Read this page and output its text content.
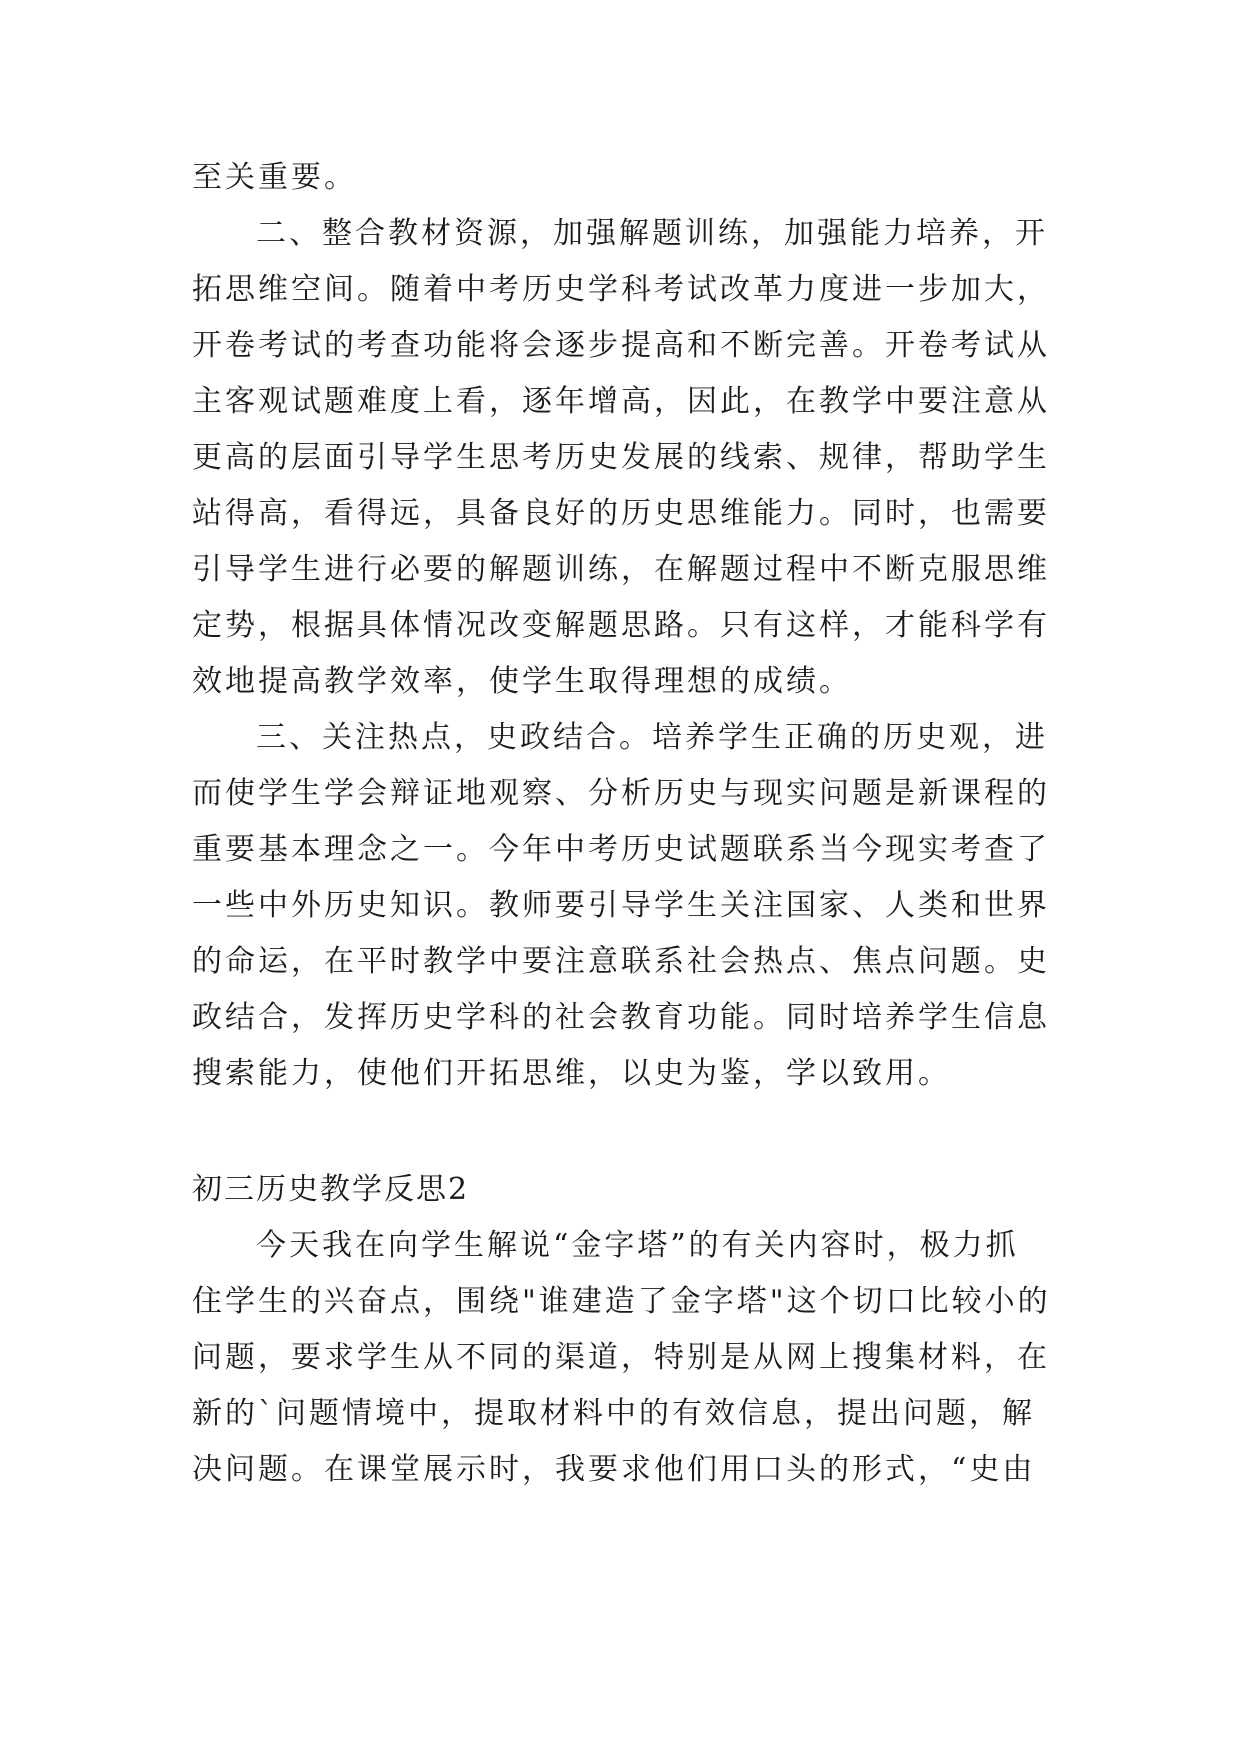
至关重要。
二、整合教材资源，加强解题训练，加强能力培养，开
拓思维空间。随着中考历史学科考试改革力度进一步加大，
开卷考试的考查功能将会逐步提高和不断完善。开卷考试从
主客观试题难度上看，逐年增高，因此，在教学中要注意从
更高的层面引导学生思考历史发展的线索、规律，帮助学生
站得高，看得远，具备良好的历史思维能力。同时，也需要
引导学生进行必要的解题训练，在解题过程中不断克服思维
定势，根据具体情况改变解题思路。只有这样，才能科学有
效地提高教学效率，使学生取得理想的成绩。
三、关注热点，史政结合。培养学生正确的历史观，进
而使学生学会辩证地观察、分析历史与现实问题是新课程的
重要基本理念之一。今年中考历史试题联系当今现实考查了
一些中外历史知识。教师要引导学生关注国家、人类和世界
的命运，在平时教学中要注意联系社会热点、焦点问题。史
政结合，发挥历史学科的社会教育功能。同时培养学生信息
搜索能力，使他们开拓思维，以史为鉴，学以致用。
初三历史教学反思2
今天我在向学生解说“金字塔”的有关内容时，极力抓
住学生的兴奋点，围绕"谁建造了金字塔"这个切口比较小的
问题，要求学生从不同的渠道，特别是从网上搜集材料，在
新的`问题情境中，提取材料中的有效信息，提出问题，解
决问题。在课堂展示时，我要求他们用口头的形式，“史由
